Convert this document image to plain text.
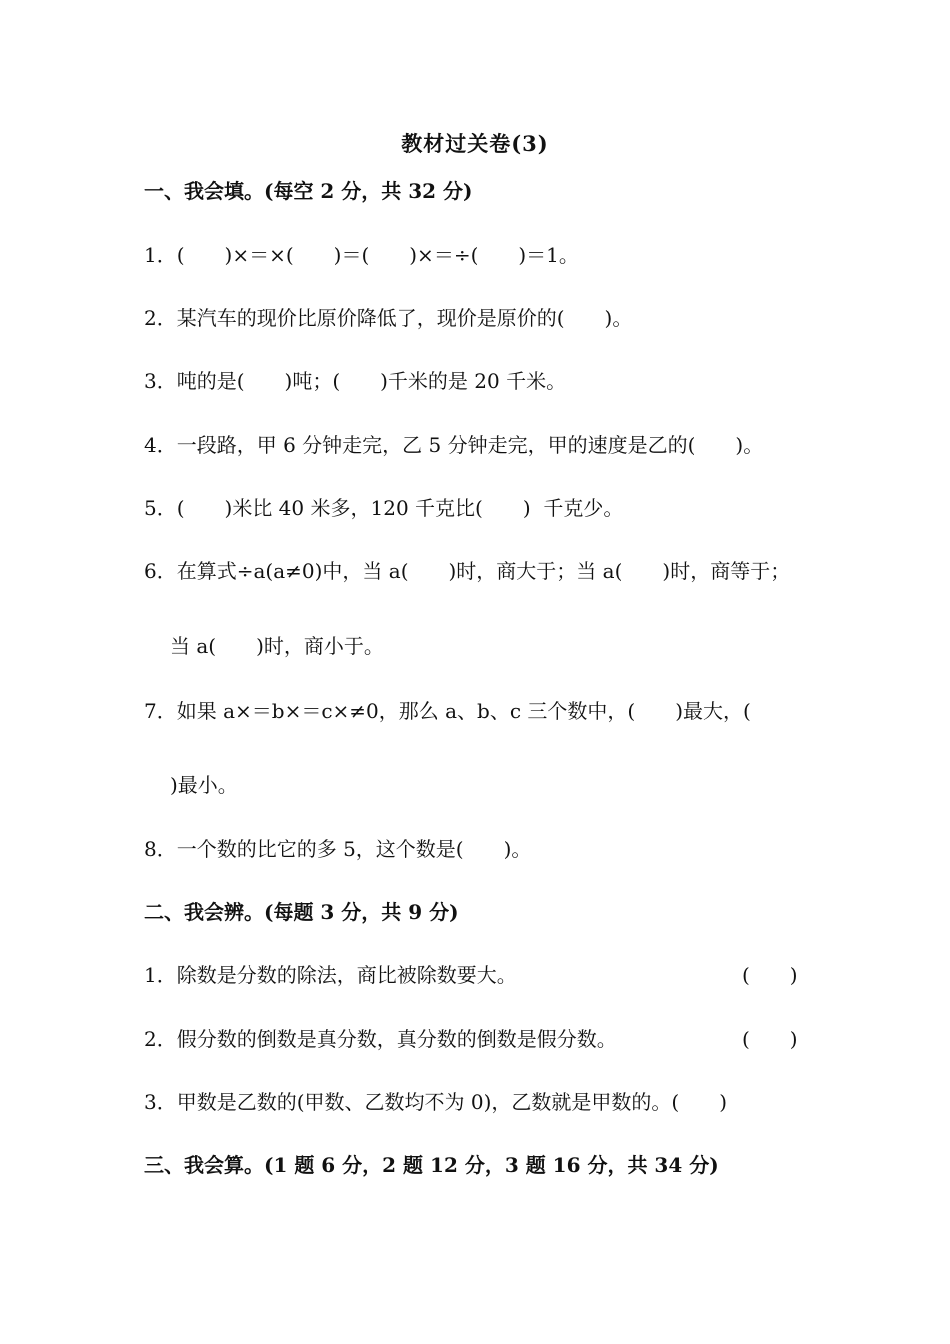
教材过关卷(3)
一、我会填。(每空 2 分，共 32 分)
1．(　　)×＝×(　　)＝(　　)×＝÷(　　)＝1。
2．某汽车的现价比原价降低了，现价是原价的(　　)。
3．吨的是(　　)吨；(　　)千米的是 20 千米。
4．一段路，甲 6 分钟走完，乙 5 分钟走完，甲的速度是乙的(　　)。
5．(　　)米比 40 米多，120 千克比(　　)  千克少。
6．在算式÷a(a≠0)中，当 a(　　)时，商大于；当 a(　　)时，商等于；
当 a(　　)时，商小于。
7．如果 a×＝b×＝c×≠0，那么 a、b、c 三个数中，(　　)最大，(
)最小。
8．一个数的比它的多 5，这个数是(　　)。
二、我会辨。(每题 3 分，共 9 分)
1．除数是分数的除法，商比被除数要大。	(　　)
2．假分数的倒数是真分数，真分数的倒数是假分数。	(　　)
3．甲数是乙数的(甲数、乙数均不为 0)，乙数就是甲数的。(　　)
三、我会算。(1 题 6 分，2 题 12 分，3 题 16 分，共 34 分)
